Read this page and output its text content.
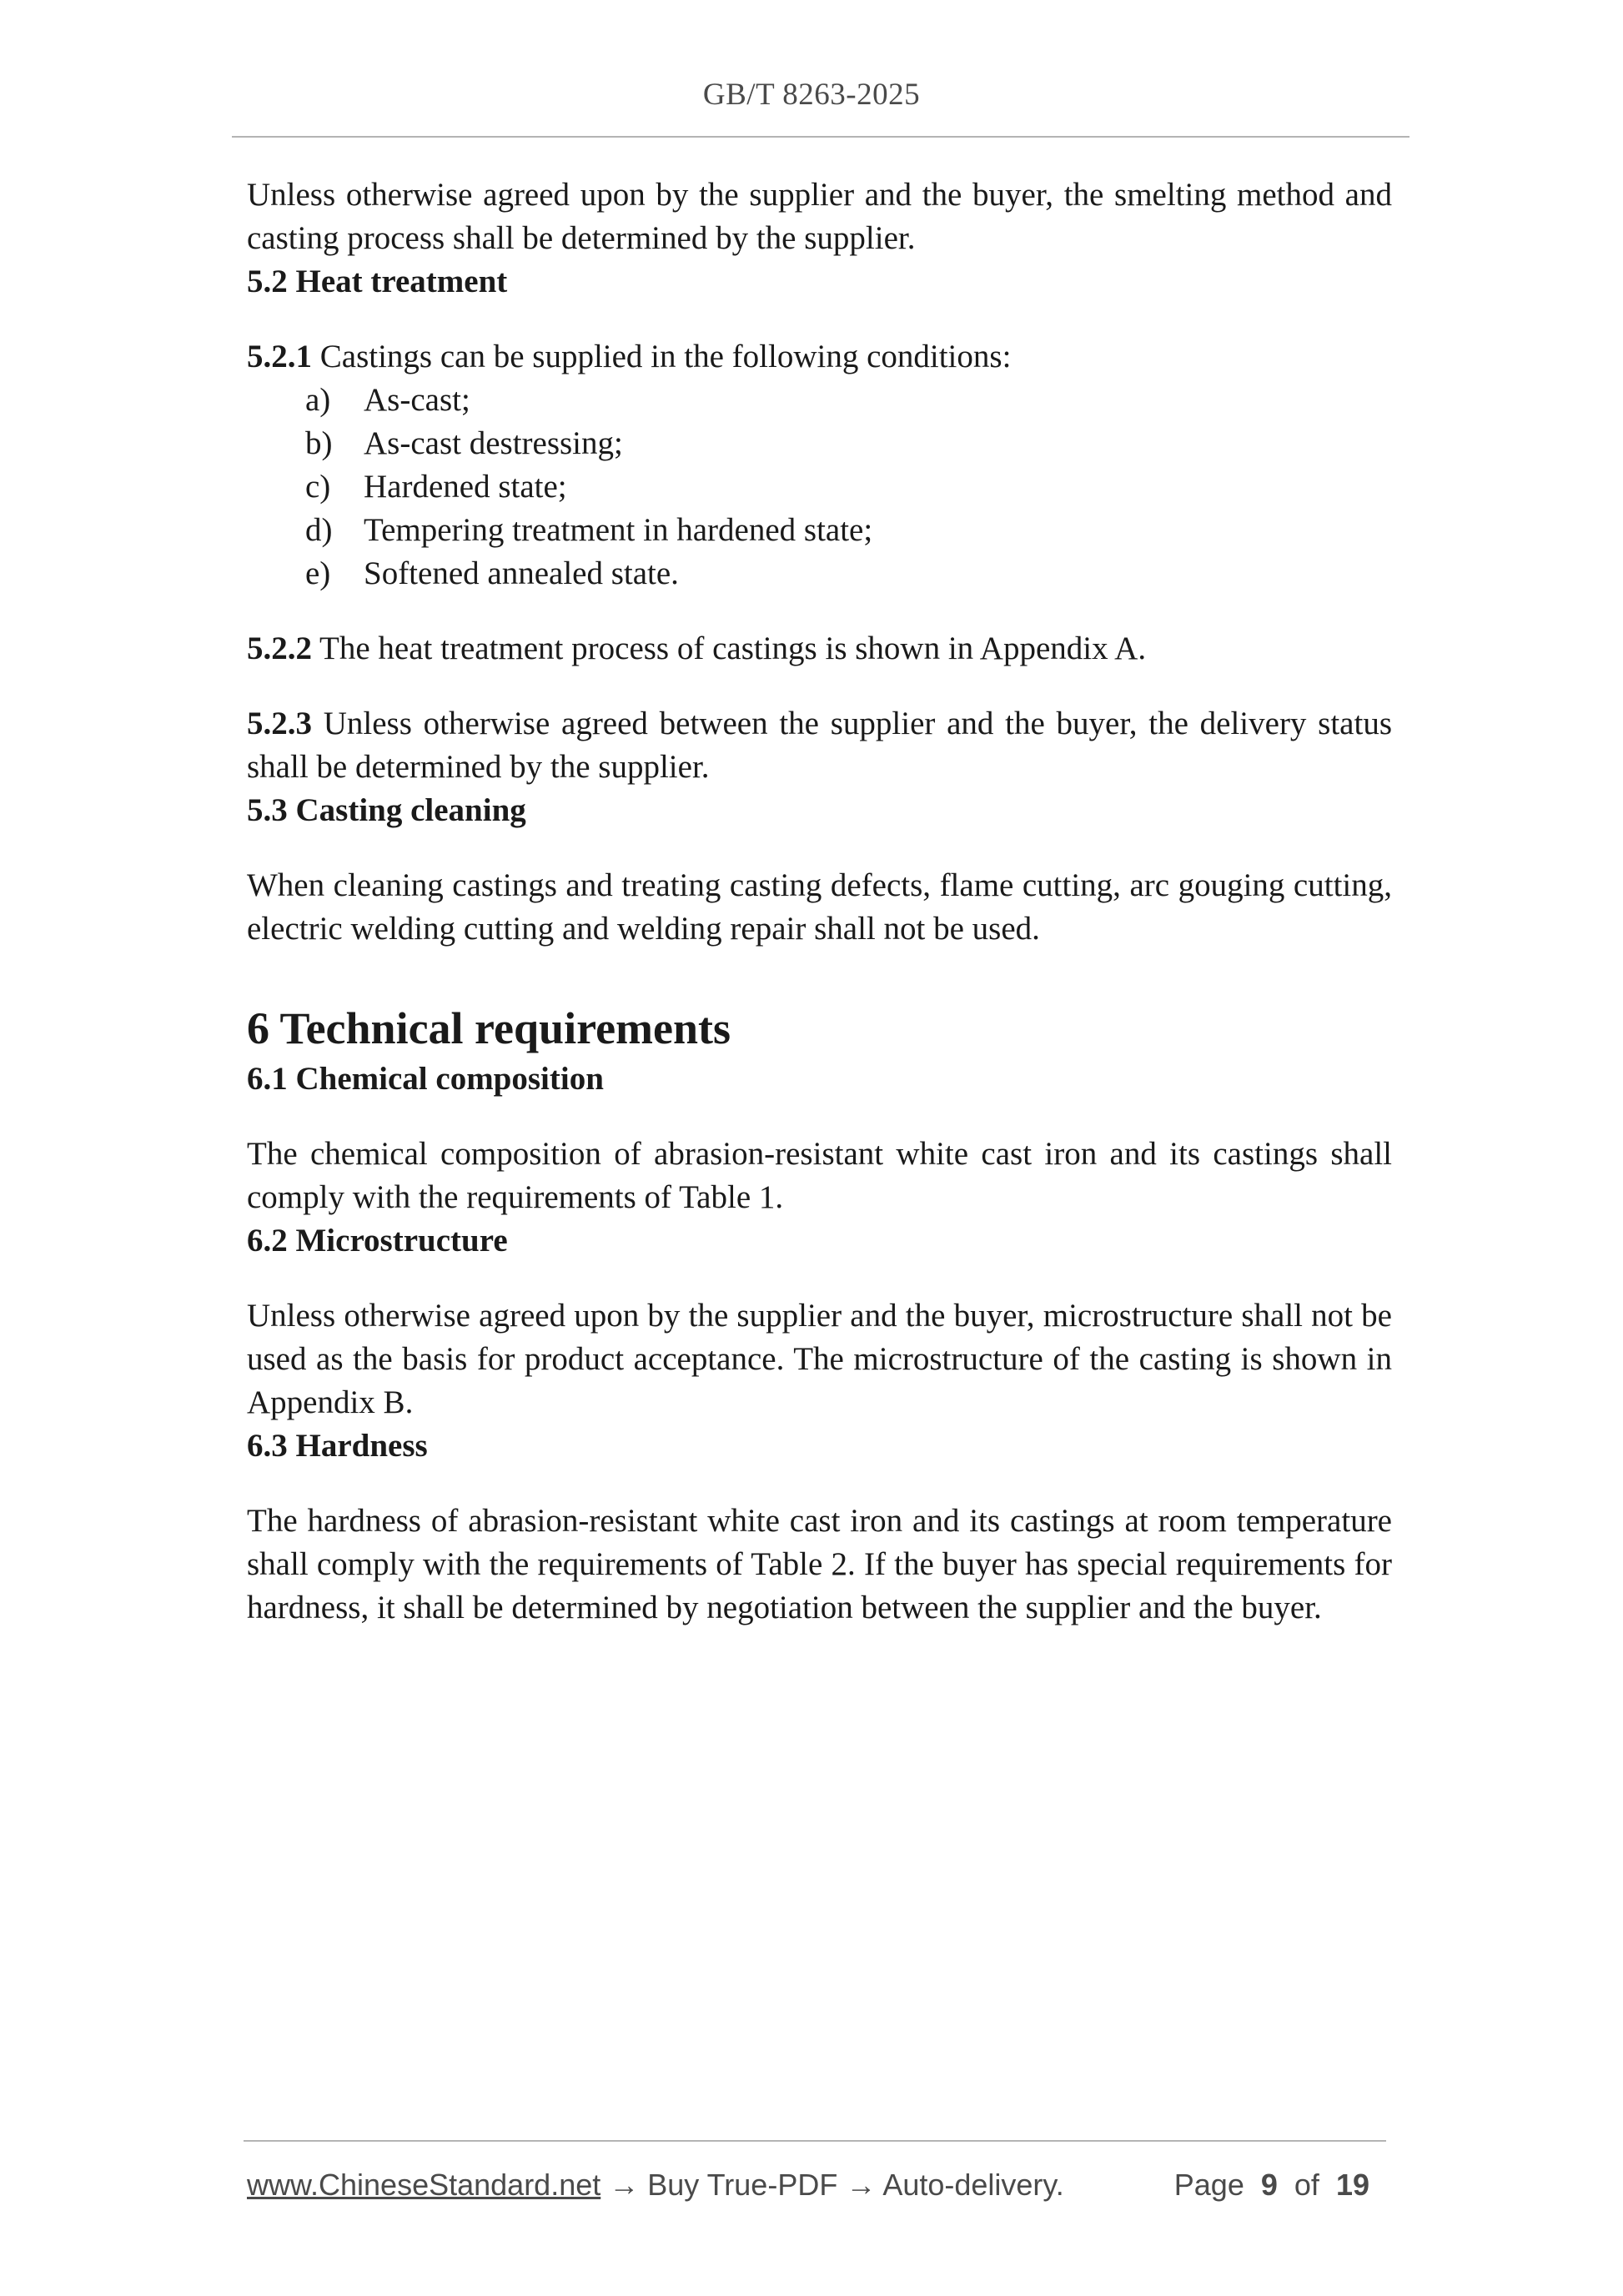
GB/T 8263-2025

Unless otherwise agreed upon by the supplier and the buyer, the smelting method and casting process shall be determined by the supplier.

5.2 Heat treatment

5.2.1 Castings can be supplied in the following conditions:

a)	As-cast;
b) As-cast destressing;
c)	Hardened state;
d) Tempering treatment in hardened state;
e)	Softened annealed state.

5.2.2 The heat treatment process of castings is shown in Appendix A.

5.2.3 Unless otherwise agreed between the supplier and the buyer, the delivery status shall be determined by the supplier.

5.3 Casting cleaning

When cleaning castings and treating casting defects, flame cutting, arc gouging cutting, electric welding cutting and welding repair shall not be used.

6 Technical requirements

6.1 Chemical composition

The chemical composition of abrasion-resistant white cast iron and its castings shall comply with the requirements of Table 1.

6.2 Microstructure

Unless otherwise agreed upon by the supplier and the buyer, microstructure shall not be used as the basis for product acceptance. The microstructure of the casting is shown in Appendix B.

6.3 Hardness

The hardness of abrasion-resistant white cast iron and its castings at room temperature shall comply with the requirements of Table 2. If the buyer has special requirements for hardness, it shall be determined by negotiation between the supplier and the buyer.

www.ChineseStandard.net → Buy True-PDF → Auto-delivery.	Page 9 of 19
